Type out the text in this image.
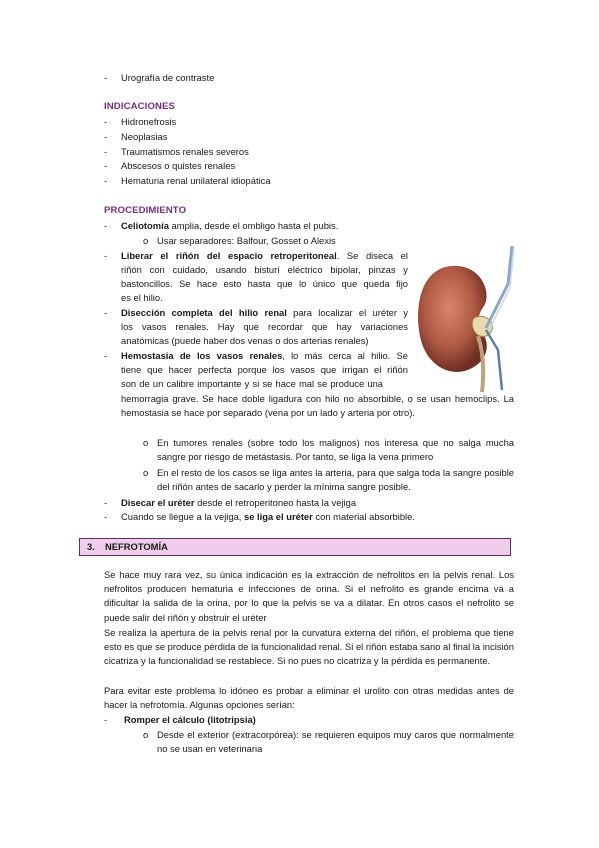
- Urografía de contraste
INDICACIONES
- Hidronefrosis
- Neoplasias
- Traumatismos renales severos
- Abscesos o quistes renales
- Hematuria renal unilateral idiopática
PROCEDIMIENTO
- Celiotomía amplia, desde el ombligo hasta el pubis.
o Usar separadores: Balfour, Gosset o Alexis
- Liberar el riñón del espacio retroperitoneal. Se diseca el
riñón con cuidado, usando bisturí eléctrico bipolar, pinzas y
bastoncillos. Se hace esto hasta que lo único que queda fijo
es el hilio.
- Disección completa del hilio renal para localizar el uréter y
los vasos renales. Hay que recordar que hay variaciones
anatómicas (puede haber dos venas o dos arterias renales)
- Hemostasia de los vasos renales, lo más cerca al hilio. Se
tiene que hacer perfecta porque los vasos que irrigan el riñón
son de un calibre importante y si se hace mal se produce una
hemorragia grave. Se hace doble ligadura con hilo no absorbible, o se usan hemoclips. La hemostasia se hace por separado (vena por un lado y arteria por otro).
o En tumores renales (sobre todo los malignos) nos interesa que no salga mucha sangre por riesgo de metástasis. Por tanto, se liga la vena primero
o En el resto de los casos se liga antes la arteria, para que salga toda la sangre posible del riñón antes de sacarlo y perder la mínima sangre posible.
- Disecar el uréter desde el retroperitoneo hasta la vejiga
- Cuando se llegue a la vejiga, se liga el uréter con material absorbible.
3. NEFROTOMÍA
Se hace muy rara vez, su única indicación es la extracción de nefrolitos en la pelvis renal. Los nefrolitos producen hematuria e infecciones de orina. Si el nefrolito es grande encima va a dificultar la salida de la orina, por lo que la pelvis se va a dilatar. En otros casos el nefrolito se puede salir del riñón y obstruir el uréter
Se realiza la apertura de la pelvis renal por la curvatura externa del riñón, el problema que tiene esto es que se produce pérdida de la funcionalidad renal. Si el riñón estaba sano al final la incisión cicatriza y la funcionalidad se restablece. Si no pues no cicatriza y la pérdida es permanente.
Para evitar este problema lo idóneo es probar a eliminar el urolito con otras medidas antes de hacer la nefrotomía. Algunas opciones serían:
- Romper el cálculo (litotripsia)
o Desde el exterior (extracorpórea): se requieren equipos muy caros que normalmente no se usan en veterinaria
